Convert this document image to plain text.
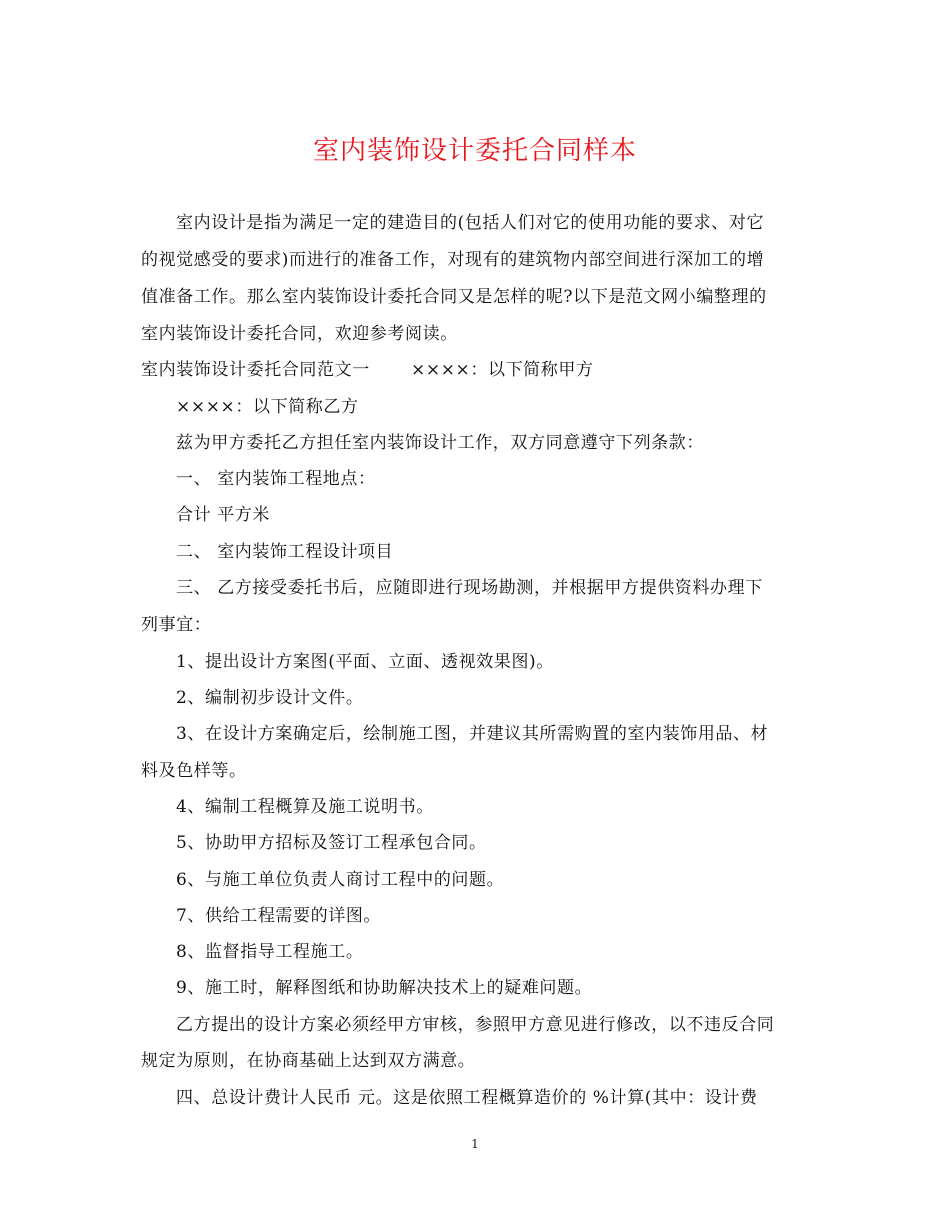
室内装饰设计委托合同样本
室内设计是指为满足一定的建造目的(包括人们对它的使用功能的要求、对它
的视觉感受的要求)而进行的准备工作，对现有的建筑物内部空间进行深加工的增
值准备工作。那么室内装饰设计委托合同又是怎样的呢?以下是范文网小编整理的
室内装饰设计委托合同，欢迎参考阅读。
室内装饰设计委托合同范文一　　 ××××：以下简称甲方
××××：以下简称乙方
兹为甲方委托乙方担任室内装饰设计工作，双方同意遵守下列条款：
一、 室内装饰工程地点：
合计 平方米
二、 室内装饰工程设计项目
三、 乙方接受委托书后，应随即进行现场勘测，并根据甲方提供资料办理下
列事宜：
1、提出设计方案图(平面、立面、透视效果图)。
2、编制初步设计文件。
3、在设计方案确定后，绘制施工图，并建议其所需购置的室内装饰用品、材
料及色样等。
4、编制工程概算及施工说明书。
5、协助甲方招标及签订工程承包合同。
6、与施工单位负责人商讨工程中的问题。
7、供给工程需要的详图。
8、监督指导工程施工。
9、施工时，解释图纸和协助解决技术上的疑难问题。
乙方提出的设计方案必须经甲方审核，参照甲方意见进行修改，以不违反合同
规定为原则，在协商基础上达到双方满意。
四、总设计费计人民币 元。这是依照工程概算造价的 %计算(其中：设计费
1
